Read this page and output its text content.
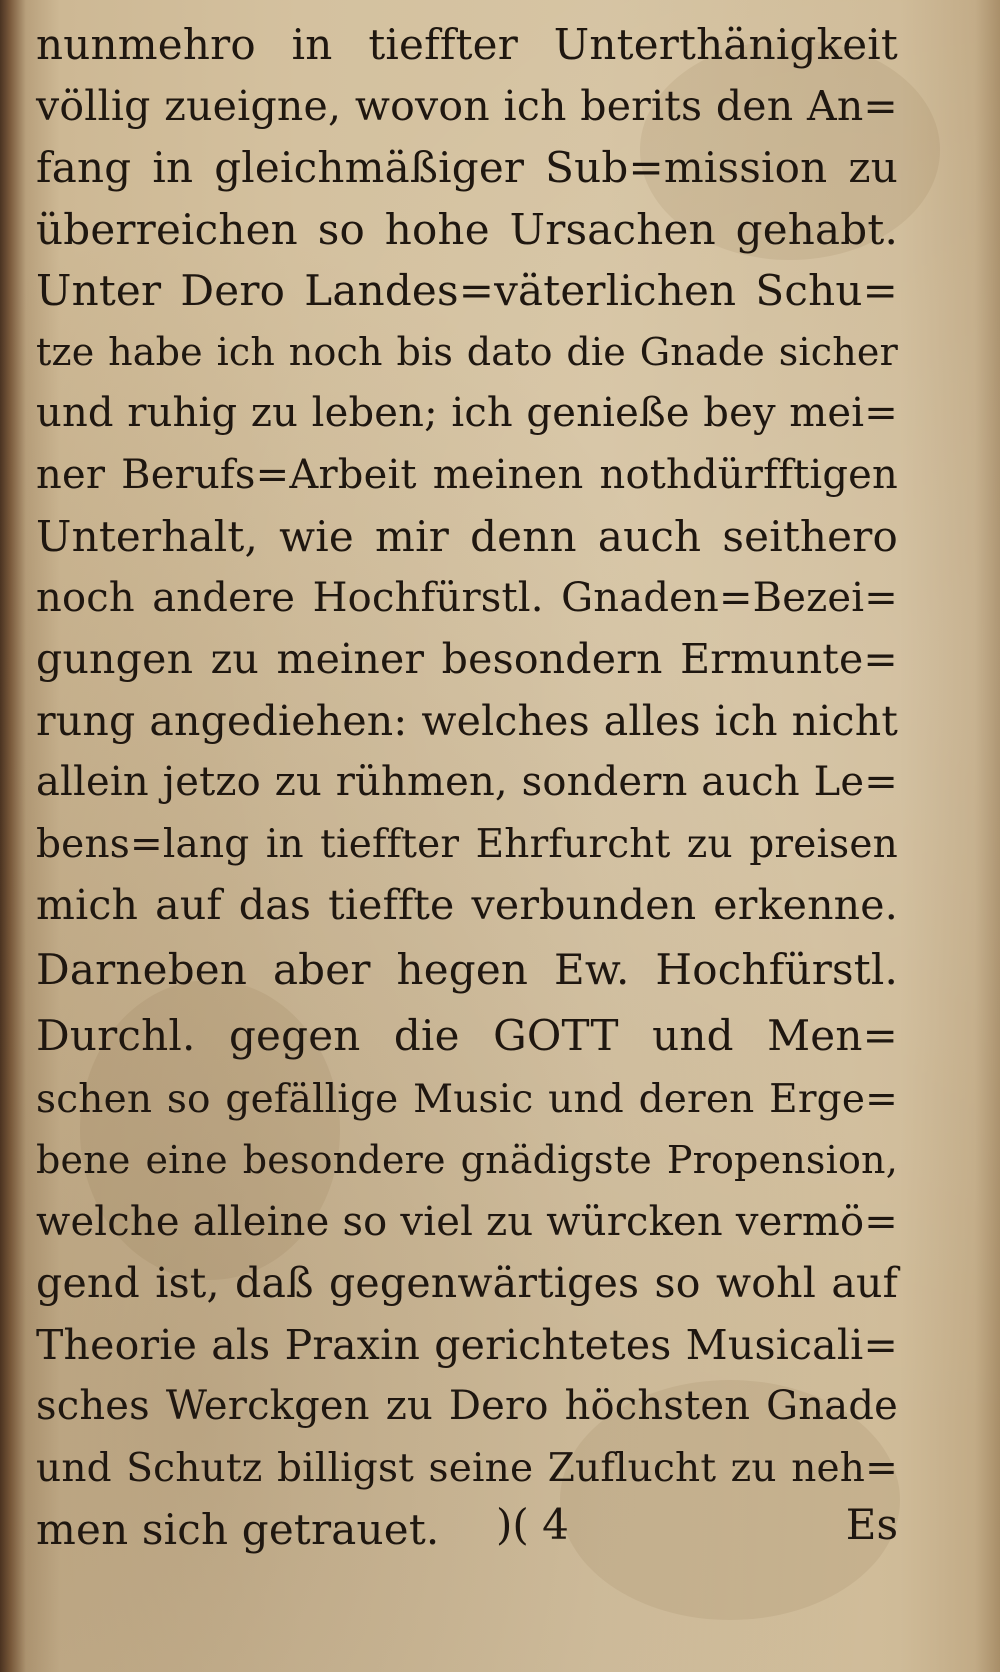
nunmehro in tieffter Unterthänigkeit
völlig zueigne, wovon ich berits den An=
fang in gleichmäßiger Sub=mission zu
überreichen so hohe Ursachen gehabt.
Unter Dero Landes=väterlichen Schu=
tze habe ich noch bis dato die Gnade sicher
und ruhig zu leben; ich genieße bey mei=
ner Berufs=Arbeit meinen nothdürfftigen
Unterhalt, wie mir denn auch seithero
noch andere Hochfürstl. Gnaden=Bezei=
gungen zu meiner besondern Ermunte=
rung angediehen: welches alles ich nicht
allein jetzo zu rühmen, sondern auch Le=
bens=lang in tieffter Ehrfurcht zu preisen
mich auf das tieffte verbunden erkenne.
Darneben aber hegen Ew. Hochfürstl.
Durchl. gegen die GOTT und Men=
schen so gefällige Music und deren Erge=
bene eine besondere gnädigste Propension,
welche alleine so viel zu würcken vermö=
gend ist, daß gegenwärtiges so wohl auf
Theorie als Praxin gerichtetes Musicali=
sches Werckgen zu Dero höchsten Gnade
und Schutz billigst seine Zuflucht zu neh=
men sich getrauet.	)( 4	Es
